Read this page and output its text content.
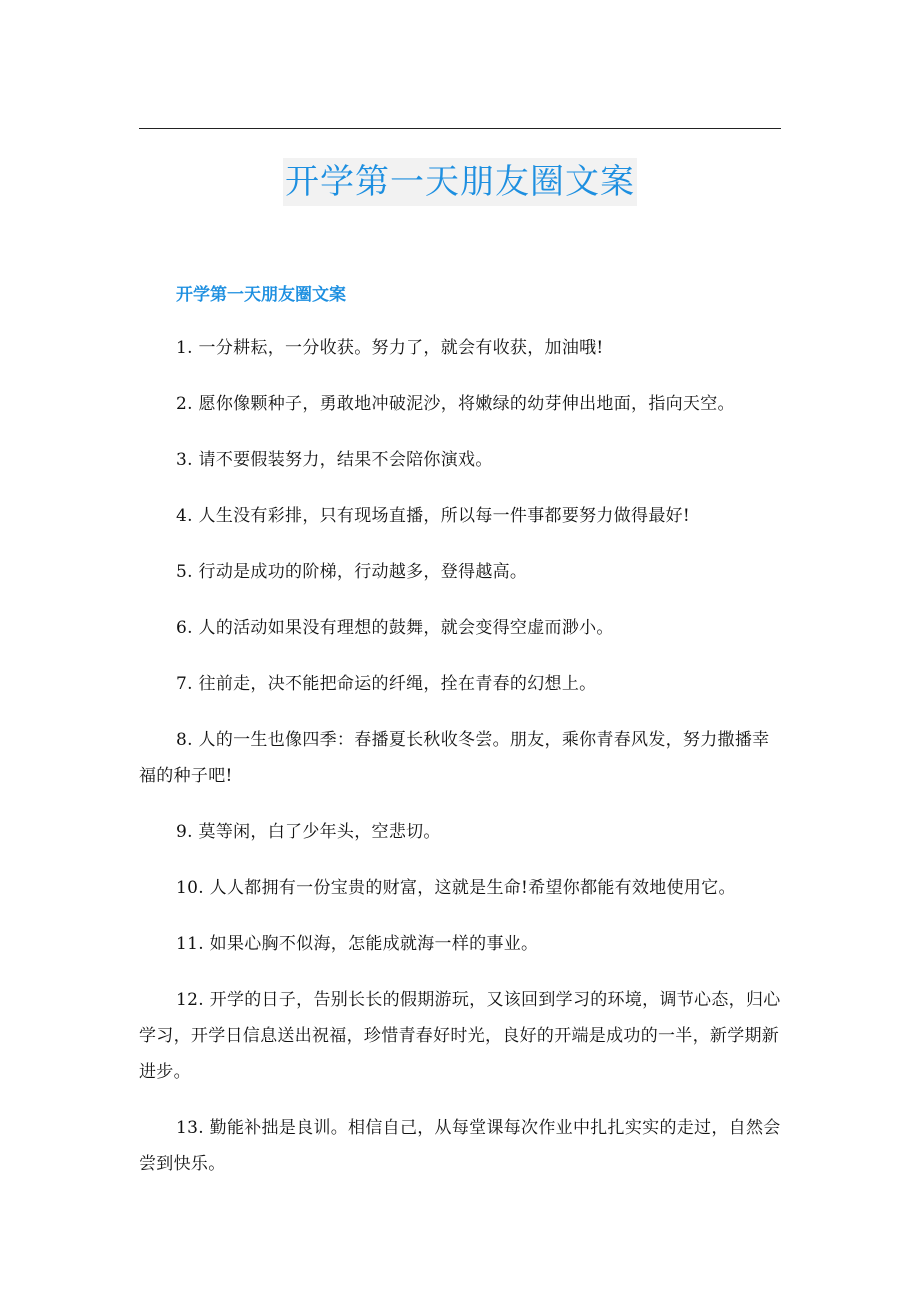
开学第一天朋友圈文案
开学第一天朋友圈文案

1. 一分耕耘，一分收获。努力了，就会有收获，加油哦!

2. 愿你像颗种子，勇敢地冲破泥沙，将嫩绿的幼芽伸出地面，指向天空。

3. 请不要假装努力，结果不会陪你演戏。

4. 人生没有彩排，只有现场直播，所以每一件事都要努力做得最好!

5. 行动是成功的阶梯，行动越多，登得越高。

6. 人的活动如果没有理想的鼓舞，就会变得空虚而渺小。

7. 往前走，决不能把命运的纤绳，拴在青春的幻想上。

8. 人的一生也像四季：春播夏长秋收冬尝。朋友，乘你青春风发，努力撒播幸福的种子吧!

9. 莫等闲，白了少年头，空悲切。

10. 人人都拥有一份宝贵的财富，这就是生命!希望你都能有效地使用它。

11. 如果心胸不似海，怎能成就海一样的事业。

12. 开学的日子，告别长长的假期游玩，又该回到学习的环境，调节心态，归心学习，开学日信息送出祝福，珍惜青春好时光，良好的开端是成功的一半，新学期新进步。

13. 勤能补拙是良训。相信自己，从每堂课每次作业中扎扎实实的走过，自然会尝到快乐。
